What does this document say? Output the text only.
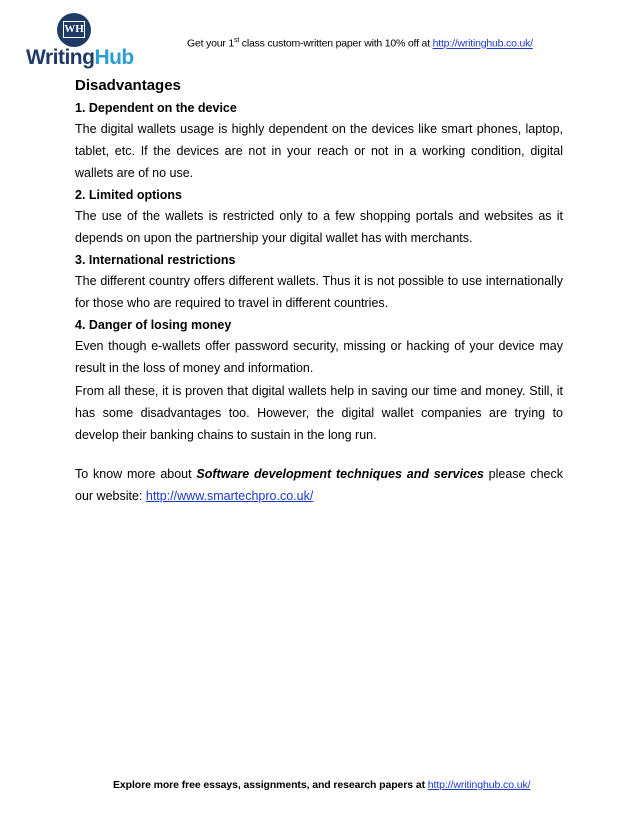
WH
WritingHub
Get your 1st class custom-written paper with 10% off at http://writinghub.co.uk/

Disadvantages

1. Dependent on the device

The digital wallets usage is highly dependent on the devices like smart phones, laptop, tablet, etc. If the devices are not in your reach or not in a working condition, digital wallets are of no use.

2. Limited options

The use of the wallets is restricted only to a few shopping portals and websites as it depends on upon the partnership your digital wallet has with merchants.

3. International restrictions

The different country offers different wallets. Thus it is not possible to use internationally for those who are required to travel in different countries.

4. Danger of losing money

Even though e-wallets offer password security, missing or hacking of your device may result in the loss of money and information.

From all these, it is proven that digital wallets help in saving our time and money. Still, it has some disadvantages too. However, the digital wallet companies are trying to develop their banking chains to sustain in the long run.

To know more about Software development techniques and services please check our website: http://www.smartechpro.co.uk/

Explore more free essays, assignments, and research papers at http://writinghub.co.uk/
